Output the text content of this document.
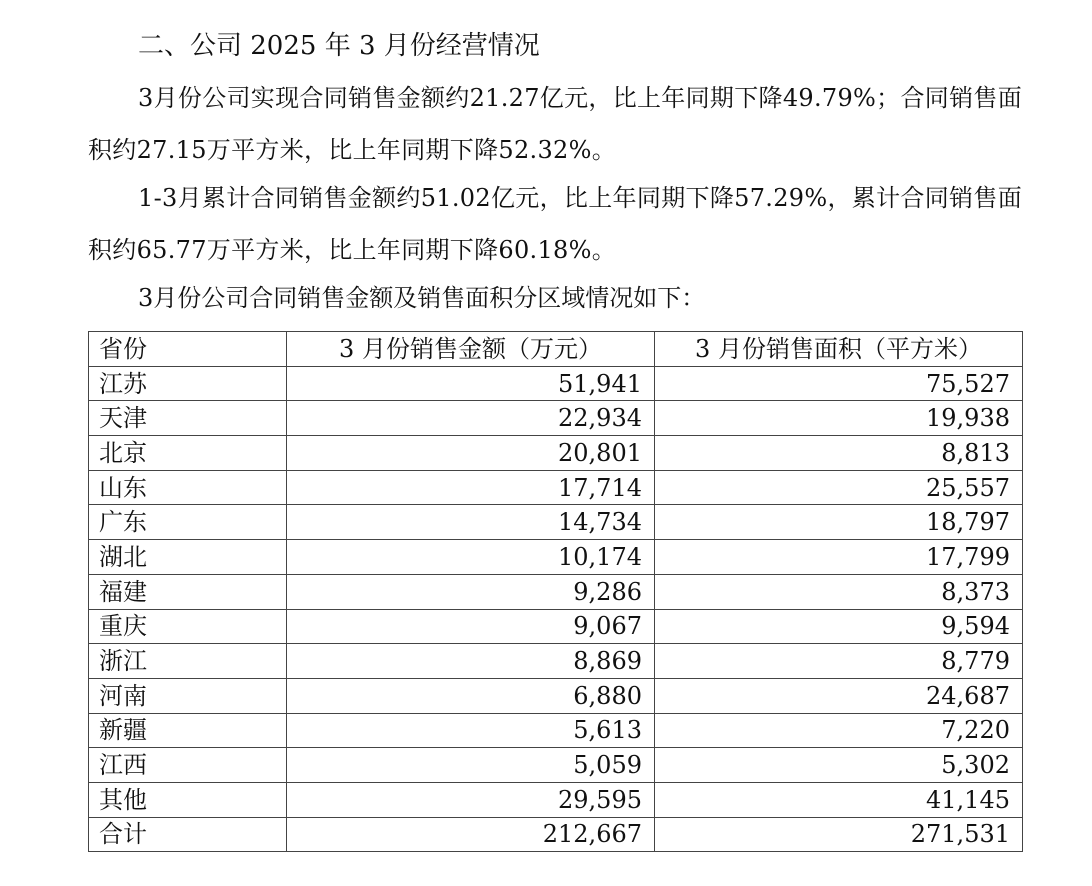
二、公司 2025 年 3 月份经营情况
3月份公司实现合同销售金额约21.27亿元，比上年同期下降49.79%；合同销售面积约27.15万平方米，比上年同期下降52.32%。
1-3月累计合同销售金额约51.02亿元，比上年同期下降57.29%，累计合同销售面积约65.77万平方米，比上年同期下降60.18%。
3月份公司合同销售金额及销售面积分区域情况如下：
省份	3 月份销售金额（万元）	3 月份销售面积（平方米）
江苏	51,941	75,527
天津	22,934	19,938
北京	20,801	8,813
山东	17,714	25,557
广东	14,734	18,797
湖北	10,174	17,799
福建	9,286	8,373
重庆	9,067	9,594
浙江	8,869	8,779
河南	6,880	24,687
新疆	5,613	7,220
江西	5,059	5,302
其他	29,595	41,145
合计	212,667	271,531
